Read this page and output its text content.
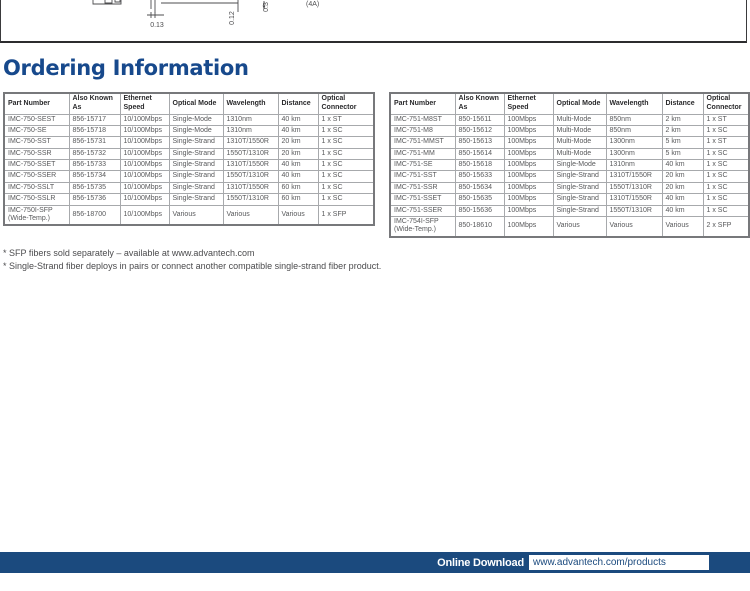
0.13
0.12
0.3	(4A)
Ordering Information
Part Number	Also Known As	Ethernet Speed	Optical Mode	Wavelength	Distance	Optical Connector
IMC-750-SEST	856-15717	10/100Mbps	Single-Mode	1310nm	40 km	1 x ST
IMC-750-SE	856-15718	10/100Mbps	Single-Mode	1310nm	40 km	1 x SC
IMC-750-SST	856-15731	10/100Mbps	Single-Strand	1310T/1550R	20 km	1 x SC
IMC-750-SSR	856-15732	10/100Mbps	Single-Strand	1550T/1310R	20 km	1 x SC
IMC-750-SSET	856-15733	10/100Mbps	Single-Strand	1310T/1550R	40 km	1 x SC
IMC-750-SSER	856-15734	10/100Mbps	Single-Strand	1550T/1310R	40 km	1 x SC
IMC-750-SSLT	856-15735	10/100Mbps	Single-Strand	1310T/1550R	60 km	1 x SC
IMC-750-SSLR	856-15736	10/100Mbps	Single-Strand	1550T/1310R	60 km	1 x SC
IMC-750I-SFP (Wide-Temp.)	856-18700	10/100Mbps	Various	Various	Various	1 x SFP
Part Number	Also Known As	Ethernet Speed	Optical Mode	Wavelength	Distance	Optical Connector
IMC-751-M8ST	850-15611	100Mbps	Multi-Mode	850nm	2 km	1 x ST
IMC-751-M8	850-15612	100Mbps	Multi-Mode	850nm	2 km	1 x SC
IMC-751-MMST	850-15613	100Mbps	Multi-Mode	1300nm	5 km	1 x ST
IMC-751-MM	850-15614	100Mbps	Multi-Mode	1300nm	5 km	1 x SC
IMC-751-SE	850-15618	100Mbps	Single-Mode	1310nm	40 km	1 x SC
IMC-751-SST	850-15633	100Mbps	Single-Strand	1310T/1550R	20 km	1 x SC
IMC-751-SSR	850-15634	100Mbps	Single-Strand	1550T/1310R	20 km	1 x SC
IMC-751-SSET	850-15635	100Mbps	Single-Strand	1310T/1550R	40 km	1 x SC
IMC-751-SSER	850-15636	100Mbps	Single-Strand	1550T/1310R	40 km	1 x SC
IMC-754I-SFP (Wide-Temp.)	850-18610	100Mbps	Various	Various	Various	2 x SFP

* SFP fibers sold separately – available at www.advantech.com

* Single-Strand fiber deploys in pairs or connect another compatible single-strand fiber product.

Online Download www.advantech.com/products
